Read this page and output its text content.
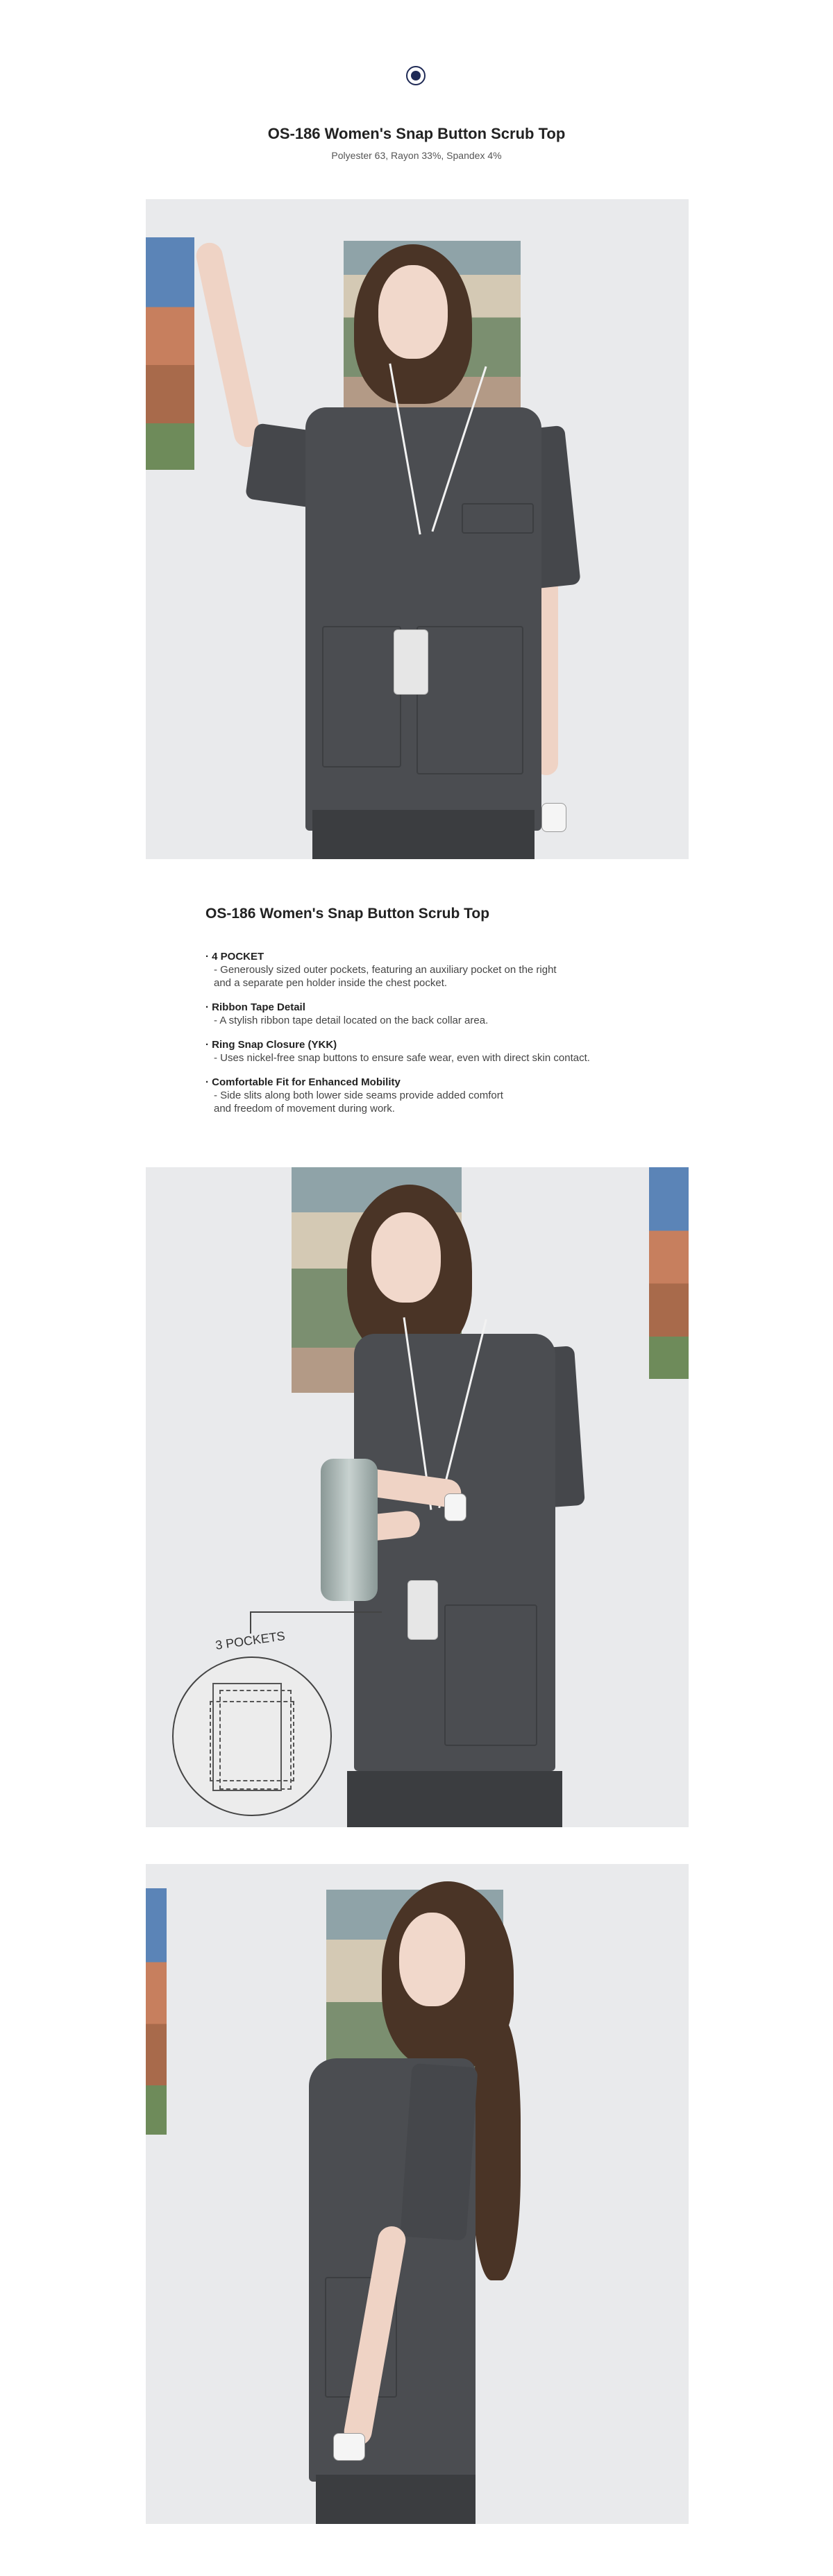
OS-186 Women's Snap Button Scrub Top
Polyester 63, Rayon 33%, Spandex 4%
OS-186 Women's Snap Button Scrub Top
· 4 POCKET
- Generously sized outer pockets, featuring an auxiliary pocket on the right
and a separate pen holder inside the chest pocket.
· Ribbon Tape Detail
- A stylish ribbon tape detail located on the back collar area.
· Ring Snap Closure (YKK)
- Uses nickel-free snap buttons to ensure safe wear, even with direct skin contact.
· Comfortable Fit for Enhanced Mobility
- Side slits along both lower side seams provide added comfort
and freedom of movement during work.
3 POCKETS
